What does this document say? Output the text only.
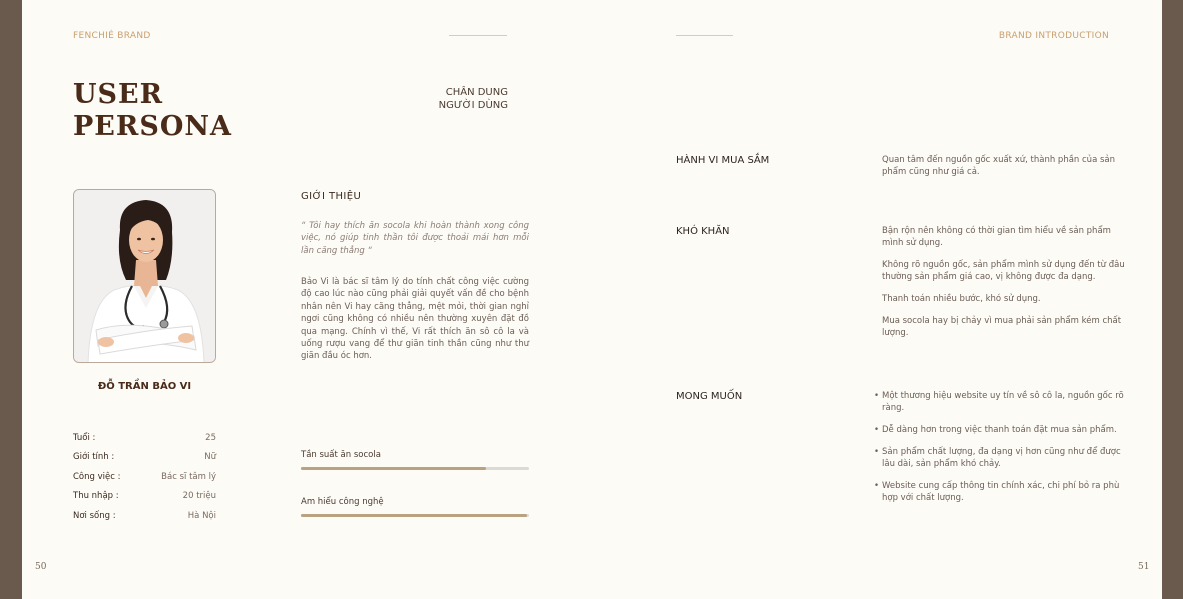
FENCHIÉ BRAND
USER
PERSONA
CHÂN DUNG
NGƯỜI DÙNG
ĐỖ TRẦN BẢO VI
Tuổi :	25
Giới tính :	Nữ
Công việc :	Bác sĩ tâm lý
Thu nhập :	20 triệu
Nơi sống :	Hà Nội
GIỚI THIỆU
“ Tôi hay thích ăn socola khi hoàn thành xong công việc, nó giúp tinh thần tôi được thoải mái hơn mỗi lần căng thẳng “
Bảo Vi là bác sĩ tâm lý do tính chất công việc cường độ cao lúc nào cũng phải giải quyết vấn đề cho bệnh nhân nên Vi hay căng thẳng, mệt mỏi, thời gian nghỉ ngơi cũng không có nhiều nên thường xuyên đặt đồ qua mạng. Chính vì thế, Vi rất thích ăn sô cô la và uống rượu vang để thư giãn tinh thần cũng như thư giãn đầu óc hơn.
Tần suất ăn socola
Am hiểu công nghệ
50
BRAND INTRODUCTION
HÀNH VI MUA SẮM	Quan tâm đến nguồn gốc xuất xứ, thành phần của sản phẩm cũng như giá cả.

KHÓ KHĂN	Bận rộn nên không có thời gian tìm hiểu về sản phẩm mình sử dụng.

Không rõ nguồn gốc, sản phẩm mình sử dụng đến từ đâu thường sản phẩm giá cao, vị không được đa dạng.

Thanh toán nhiều bước, khó sử dụng.

Mua socola hay bị chảy vì mua phải sản phẩm kém chất lượng.

MONG MUỐN
•	Một thương hiệu website uy tín về sô cô la, nguồn gốc rõ ràng.
• Dễ dàng hơn trong việc thanh toán đặt mua sản phẩm.
• Sản phẩm chất lượng, đa dạng vị hơn cũng như để được lâu dài, sản phẩm khó chảy.
• Website cung cấp thông tin chính xác, chi phí bỏ ra phù hợp với chất lượng.
51
